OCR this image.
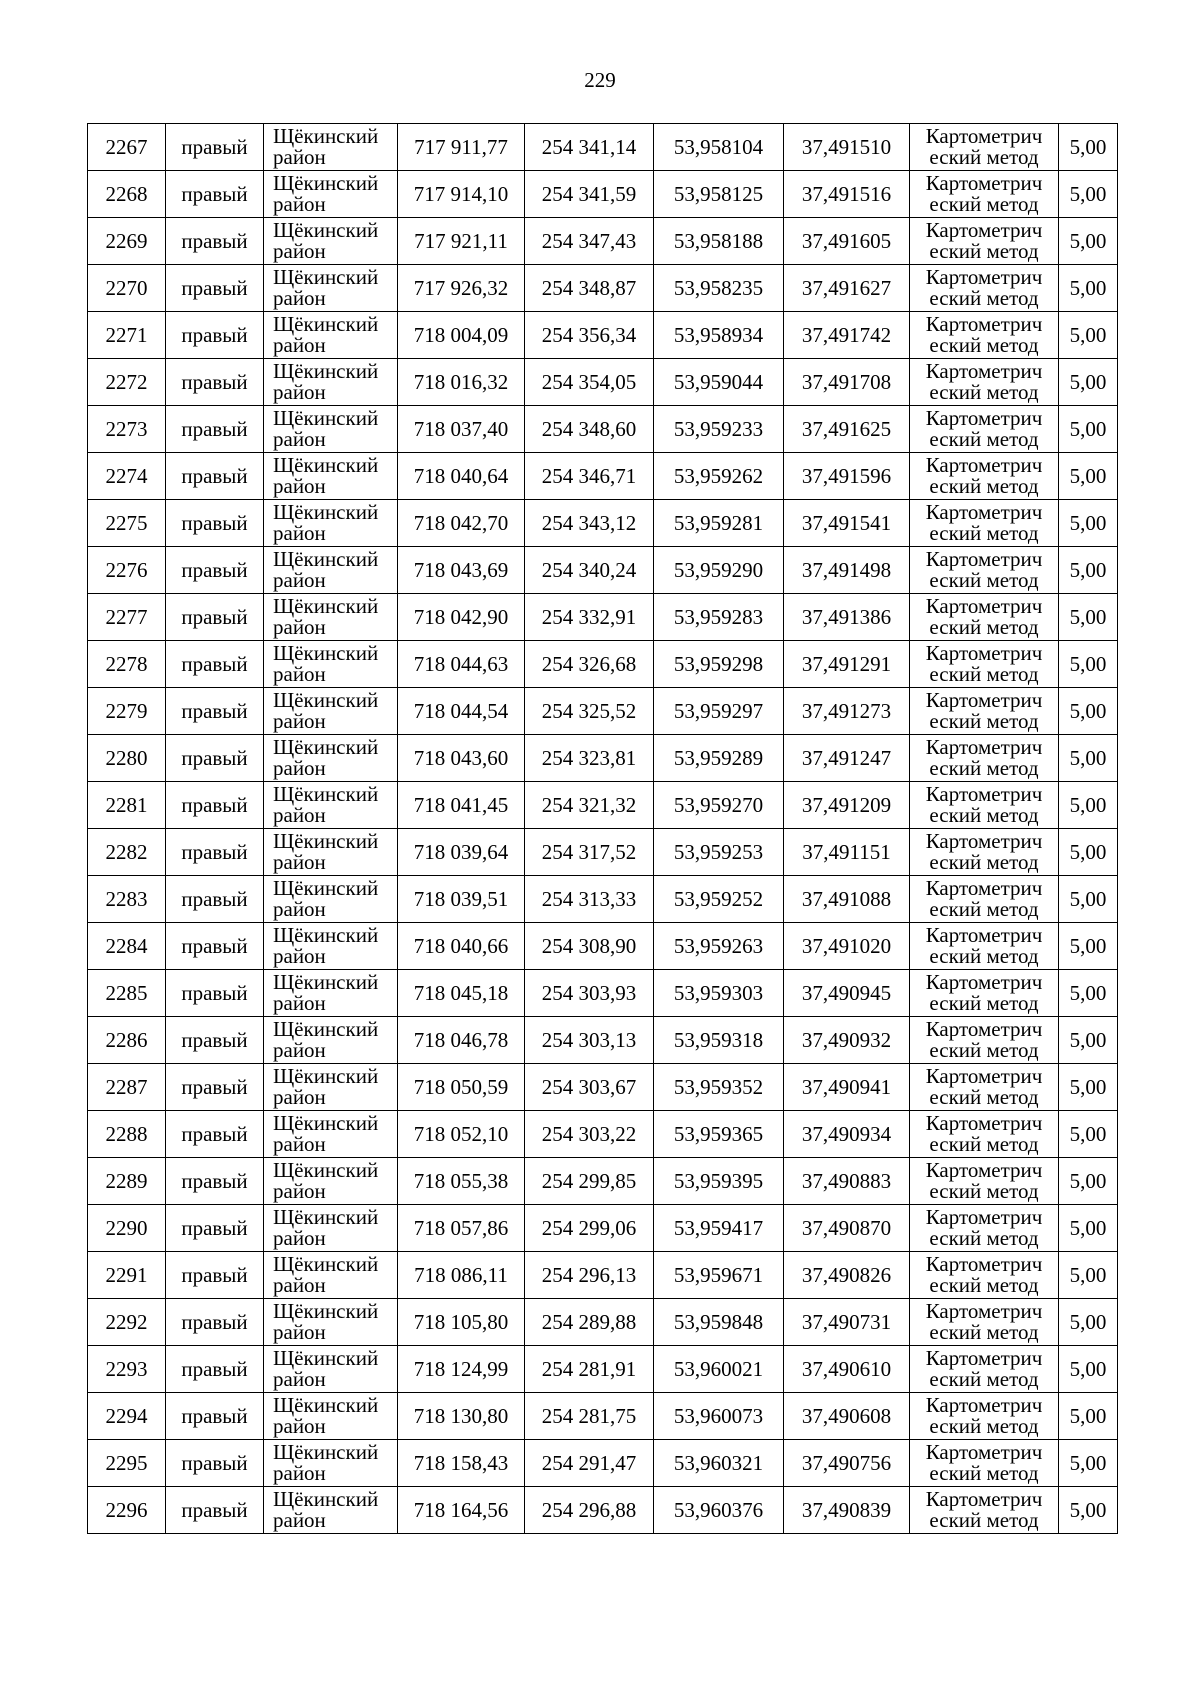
229
2267	правый	Щёкинский район	717 911,77	254 341,14	53,958104	37,491510	Картометрич еский метод	5,00
2268	правый	Щёкинский район	717 914,10	254 341,59	53,958125	37,491516	Картометрич еский метод	5,00
2269	правый	Щёкинский район	717 921,11	254 347,43	53,958188	37,491605	Картометрич еский метод	5,00
2270	правый	Щёкинский район	717 926,32	254 348,87	53,958235	37,491627	Картометрич еский метод	5,00
2271	правый	Щёкинский район	718 004,09	254 356,34	53,958934	37,491742	Картометрич еский метод	5,00
2272	правый	Щёкинский район	718 016,32	254 354,05	53,959044	37,491708	Картометрич еский метод	5,00
2273	правый	Щёкинский район	718 037,40	254 348,60	53,959233	37,491625	Картометрич еский метод	5,00
2274	правый	Щёкинский район	718 040,64	254 346,71	53,959262	37,491596	Картометрич еский метод	5,00
2275	правый	Щёкинский район	718 042,70	254 343,12	53,959281	37,491541	Картометрич еский метод	5,00
2276	правый	Щёкинский район	718 043,69	254 340,24	53,959290	37,491498	Картометрич еский метод	5,00
2277	правый	Щёкинский район	718 042,90	254 332,91	53,959283	37,491386	Картометрич еский метод	5,00
2278	правый	Щёкинский район	718 044,63	254 326,68	53,959298	37,491291	Картометрич еский метод	5,00
2279	правый	Щёкинский район	718 044,54	254 325,52	53,959297	37,491273	Картометрич еский метод	5,00
2280	правый	Щёкинский район	718 043,60	254 323,81	53,959289	37,491247	Картометрич еский метод	5,00
2281	правый	Щёкинский район	718 041,45	254 321,32	53,959270	37,491209	Картометрич еский метод	5,00
2282	правый	Щёкинский район	718 039,64	254 317,52	53,959253	37,491151	Картометрич еский метод	5,00
2283	правый	Щёкинский район	718 039,51	254 313,33	53,959252	37,491088	Картометрич еский метод	5,00
2284	правый	Щёкинский район	718 040,66	254 308,90	53,959263	37,491020	Картометрич еский метод	5,00
2285	правый	Щёкинский район	718 045,18	254 303,93	53,959303	37,490945	Картометрич еский метод	5,00
2286	правый	Щёкинский район	718 046,78	254 303,13	53,959318	37,490932	Картометрич еский метод	5,00
2287	правый	Щёкинский район	718 050,59	254 303,67	53,959352	37,490941	Картометрич еский метод	5,00
2288	правый	Щёкинский район	718 052,10	254 303,22	53,959365	37,490934	Картометрич еский метод	5,00
2289	правый	Щёкинский район	718 055,38	254 299,85	53,959395	37,490883	Картометрич еский метод	5,00
2290	правый	Щёкинский район	718 057,86	254 299,06	53,959417	37,490870	Картометрич еский метод	5,00
2291	правый	Щёкинский район	718 086,11	254 296,13	53,959671	37,490826	Картометрич еский метод	5,00
2292	правый	Щёкинский район	718 105,80	254 289,88	53,959848	37,490731	Картометрич еский метод	5,00
2293	правый	Щёкинский район	718 124,99	254 281,91	53,960021	37,490610	Картометрич еский метод	5,00
2294	правый	Щёкинский район	718 130,80	254 281,75	53,960073	37,490608	Картометрич еский метод	5,00
2295	правый	Щёкинский район	718 158,43	254 291,47	53,960321	37,490756	Картометрич еский метод	5,00
2296	правый	Щёкинский район	718 164,56	254 296,88	53,960376	37,490839	Картометрич еский метод	5,00
